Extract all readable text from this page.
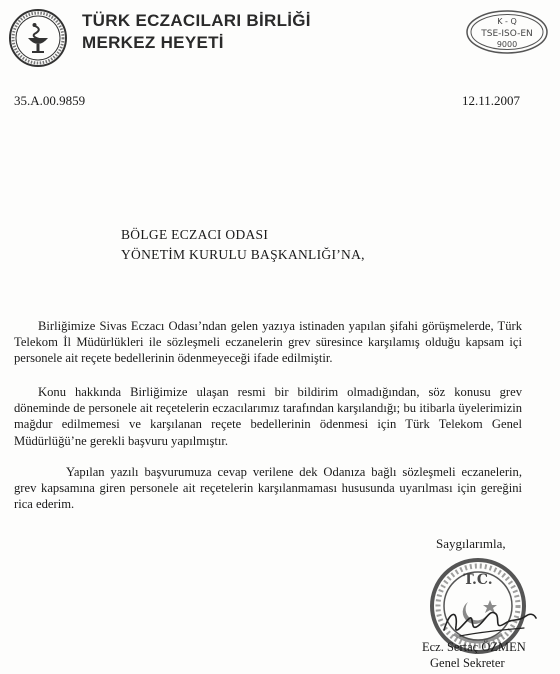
TÜRK ECZACILARI BİRLİĞİ
MERKEZ HEYETİ
K - Q
TSE-ISO-EN
9000
35.A.00.9859	12.11.2007
BÖLGE ECZACI ODASI
YÖNETİM KURULU BAŞKANLIĞI’NA,
Birliğimize Sivas Eczacı Odası’ndan gelen yazıya istinaden yapılan şifahi görüşmelerde, Türk Telekom İl Müdürlükleri ile sözleşmeli eczanelerin grev süresince karşılamış olduğu kapsam içi personele ait reçete bedellerinin ödenmeyeceği ifade edilmiştir.
Konu hakkında Birliğimize ulaşan resmi bir bildirim olmadığından, söz konusu grev döneminde de personele ait reçetelerin eczacılarımız tarafından karşılandığı; bu itibarla üyelerimizin mağdur edilmemesi ve karşılanan reçete bedellerinin ödenmesi için Türk Telekom Genel Müdürlüğü’ne gerekli başvuru yapılmıştır.
Yapılan yazılı başvurumuza cevap verilene dek Odanıza bağlı sözleşmeli eczanelerin, grev kapsamına giren personele ait reçetelerin karşılanmaması hususunda uyarılması için gereğini rica ederim.
Saygılarımla,
T.C.
Ecz. Sertaç ÖZMEN
Genel Sekreter
